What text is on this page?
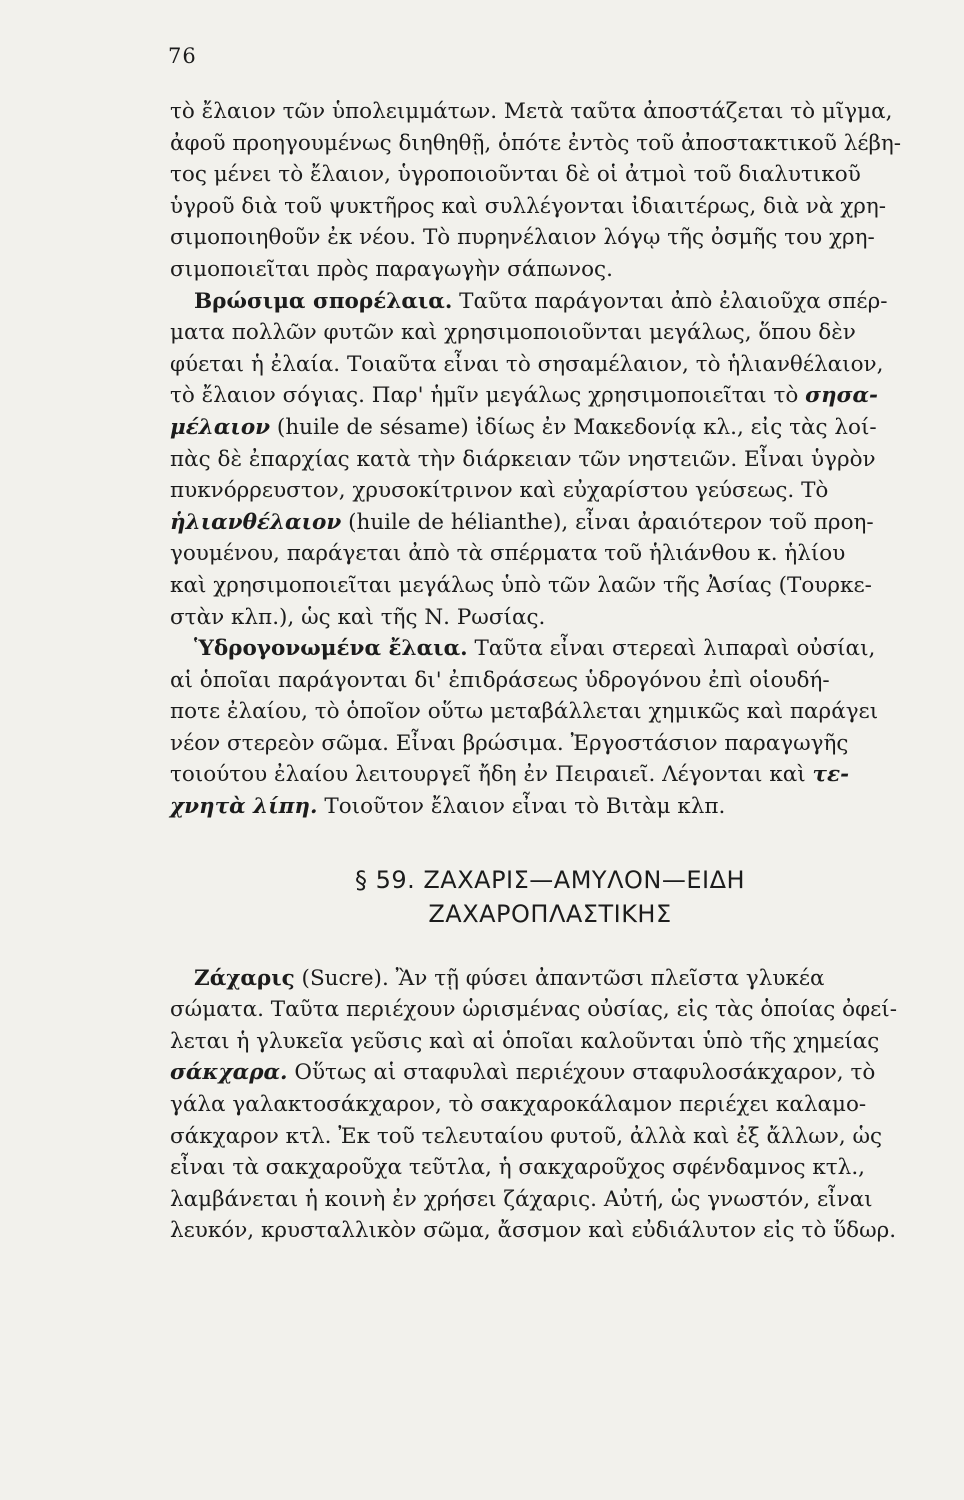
76
τὸ ἔλαιον τῶν ὑπολειμμάτων. Μετὰ ταῦτα ἀποστάζεται τὸ μῖγμα,
ἀφοῦ προηγουμένως διηθηθῇ, ὁπότε ἐντὸς τοῦ ἀποστακτικοῦ λέβη-
τος μένει τὸ ἔλαιον, ὑγροποιοῦνται δὲ οἱ ἀτμοὶ τοῦ διαλυτικοῦ
ὑγροῦ διὰ τοῦ ψυκτῆρος καὶ συλλέγονται ἰδιαιτέρως, διὰ νὰ χρη-
σιμοποιηθοῦν ἐκ νέου. Τὸ πυρηνέλαιον λόγῳ τῆς ὀσμῆς του χρη-
σιμοποιεῖται πρὸς παραγωγὴν σάπωνος.
Βρώσιμα σπορέλαια. Ταῦτα παράγονται ἀπὸ ἐλαιοῦχα σπέρ-
ματα πολλῶν φυτῶν καὶ χρησιμοποιοῦνται μεγάλως, ὅπου δὲν
φύεται ἡ ἐλαία. Τοιαῦτα εἶναι τὸ σησαμέλαιον, τὸ ἡλιανθέλαιον,
τὸ ἔλαιον σόγιας. Παρ' ἡμῖν μεγάλως χρησιμοποιεῖται τὸ σησα-
μέλαιον (huile de sésame) ἰδίως ἐν Μακεδονίᾳ κλ., εἰς τὰς λοί-
πὰς δὲ ἐπαρχίας κατὰ τὴν διάρκειαν τῶν νηστειῶν. Εἶναι ὑγρὸν
πυκνόρρευστον, χρυσοκίτρινον καὶ εὐχαρίστου γεύσεως. Τὸ
ἡλιανθέλαιον (huile de hélianthe), εἶναι ἀραιότερον τοῦ προη-
γουμένου, παράγεται ἀπὸ τὰ σπέρματα τοῦ ἡλιάνθου κ. ἡλίου
καὶ χρησιμοποιεῖται μεγάλως ὑπὸ τῶν λαῶν τῆς Ἀσίας (Τουρκε-
στὰν κλπ.), ὡς καὶ τῆς Ν. Ρωσίας.
Ὑδρογονωμένα ἔλαια. Ταῦτα εἶναι στερεαὶ λιπαραὶ οὐσίαι,
αἱ ὁποῖαι παράγονται δι' ἐπιδράσεως ὑδρογόνου ἐπὶ οἱουδή-
ποτε ἐλαίου, τὸ ὁποῖον οὕτω μεταβάλλεται χημικῶς καὶ παράγει
νέον στερεὸν σῶμα. Εἶναι βρώσιμα. Ἐργοστάσιον παραγωγῆς
τοιούτου ἐλαίου λειτουργεῖ ἤδη ἐν Πειραιεῖ. Λέγονται καὶ τε-
χνητὰ λίπη. Τοιοῦτον ἔλαιον εἶναι τὸ Βιτὰμ κλπ.
§ 59. ΖΑΧΑΡΙΣ—ΑΜΥΛΟΝ—ΕΙΔΗ
ΖΑΧΑΡΟΠΛΑΣΤΙΚΗΣ
Ζάχαρις (Sucre). Ἂν τῇ φύσει ἀπαντῶσι πλεῖστα γλυκέα
σώματα. Ταῦτα περιέχουν ὡρισμένας οὐσίας, εἰς τὰς ὁποίας ὀφεί-
λεται ἡ γλυκεῖα γεῦσις καὶ αἱ ὁποῖαι καλοῦνται ὑπὸ τῆς χημείας
σάκχαρα. Οὕτως αἱ σταφυλαὶ περιέχουν σταφυλοσάκχαρον, τὸ
γάλα γαλακτοσάκχαρον, τὸ σακχαροκάλαμον περιέχει καλαμο-
σάκχαρον κτλ. Ἐκ τοῦ τελευταίου φυτοῦ, ἀλλὰ καὶ ἐξ ἄλλων, ὡς
εἶναι τὰ σακχαροῦχα τεῦτλα, ἡ σακχαροῦχος σφένδαμνος κτλ.,
λαμβάνεται ἡ κοινὴ ἐν χρήσει ζάχαρις. Αὐτή, ὡς γνωστόν, εἶναι
λευκόν, κρυσταλλικὸν σῶμα, ἄσσμον καὶ εὐδιάλυτον εἰς τὸ ὕδωρ.
